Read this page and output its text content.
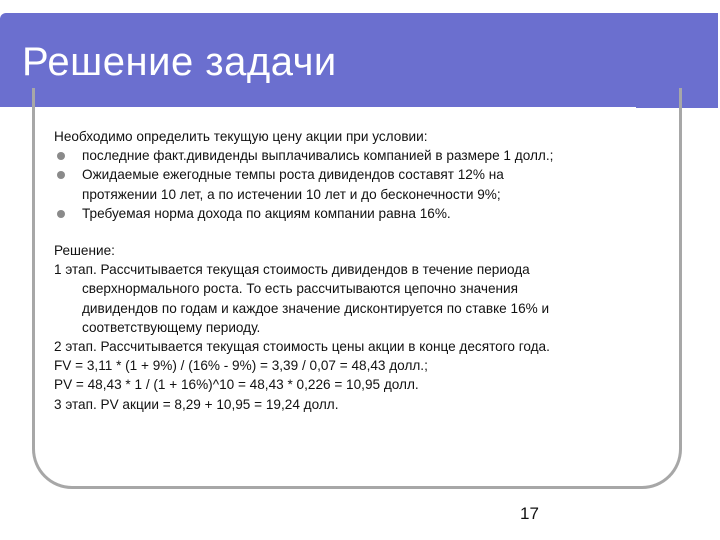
Решение задачи
Необходимо определить текущую цену акции при условии:
последние факт.дивиденды выплачивались компанией в размере 1 долл.;
Ожидаемые ежегодные темпы роста дивидендов составят 12% на
протяжении 10 лет, а по истечении 10 лет и до бесконечности 9%;
Требуемая норма дохода по акциям компании равна 16%.
Решение:
1 этап. Рассчитывается текущая стоимость дивидендов в течение периода
сверхнормального роста. То есть рассчитываются цепочно значения
дивидендов по годам и каждое значение дисконтируется по ставке 16% и
соответствующему периоду.
2 этап. Рассчитывается текущая стоимость цены акции в конце десятого года.
FV = 3,11 * (1 + 9%) / (16% - 9%) = 3,39 / 0,07 = 48,43 долл.;
PV = 48,43 * 1 / (1 + 16%)^10 = 48,43 * 0,226 = 10,95 долл.
3 этап. PV акции = 8,29 + 10,95 = 19,24 долл.
17
